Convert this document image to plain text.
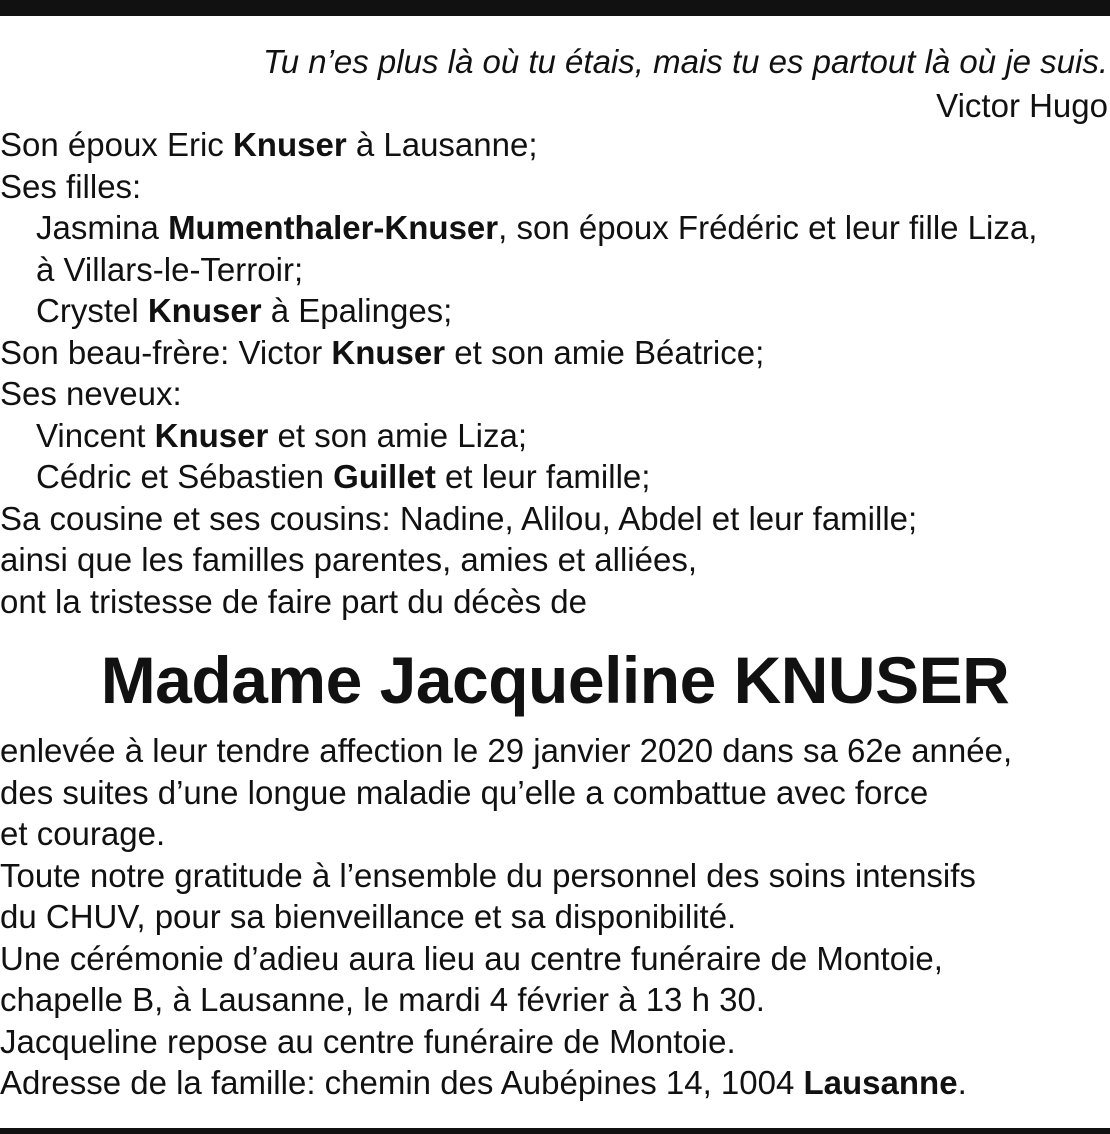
Tu n’es plus là où tu étais, mais tu es partout là où je suis.
Victor Hugo
Son époux Eric Knuser à Lausanne;
Ses filles:
Jasmina Mumenthaler-Knuser, son époux Frédéric et leur fille Liza,
à Villars-le-Terroir;
Crystel Knuser à Epalinges;
Son beau-frère: Victor Knuser et son amie Béatrice;
Ses neveux:
Vincent Knuser et son amie Liza;
Cédric et Sébastien Guillet et leur famille;
Sa cousine et ses cousins: Nadine, Alilou, Abdel et leur famille;
ainsi que les familles parentes, amies et alliées,
ont la tristesse de faire part du décès de
Madame Jacqueline KNUSER
enlevée à leur tendre affection le 29 janvier 2020 dans sa 62e année,
des suites d’une longue maladie qu’elle a combattue avec force
et courage.
Toute notre gratitude à l’ensemble du personnel des soins intensifs
du CHUV, pour sa bienveillance et sa disponibilité.
Une cérémonie d’adieu aura lieu au centre funéraire de Montoie,
chapelle B, à Lausanne, le mardi 4 février à 13 h 30.
Jacqueline repose au centre funéraire de Montoie.
Adresse de la famille: chemin des Aubépines 14, 1004 Lausanne.
